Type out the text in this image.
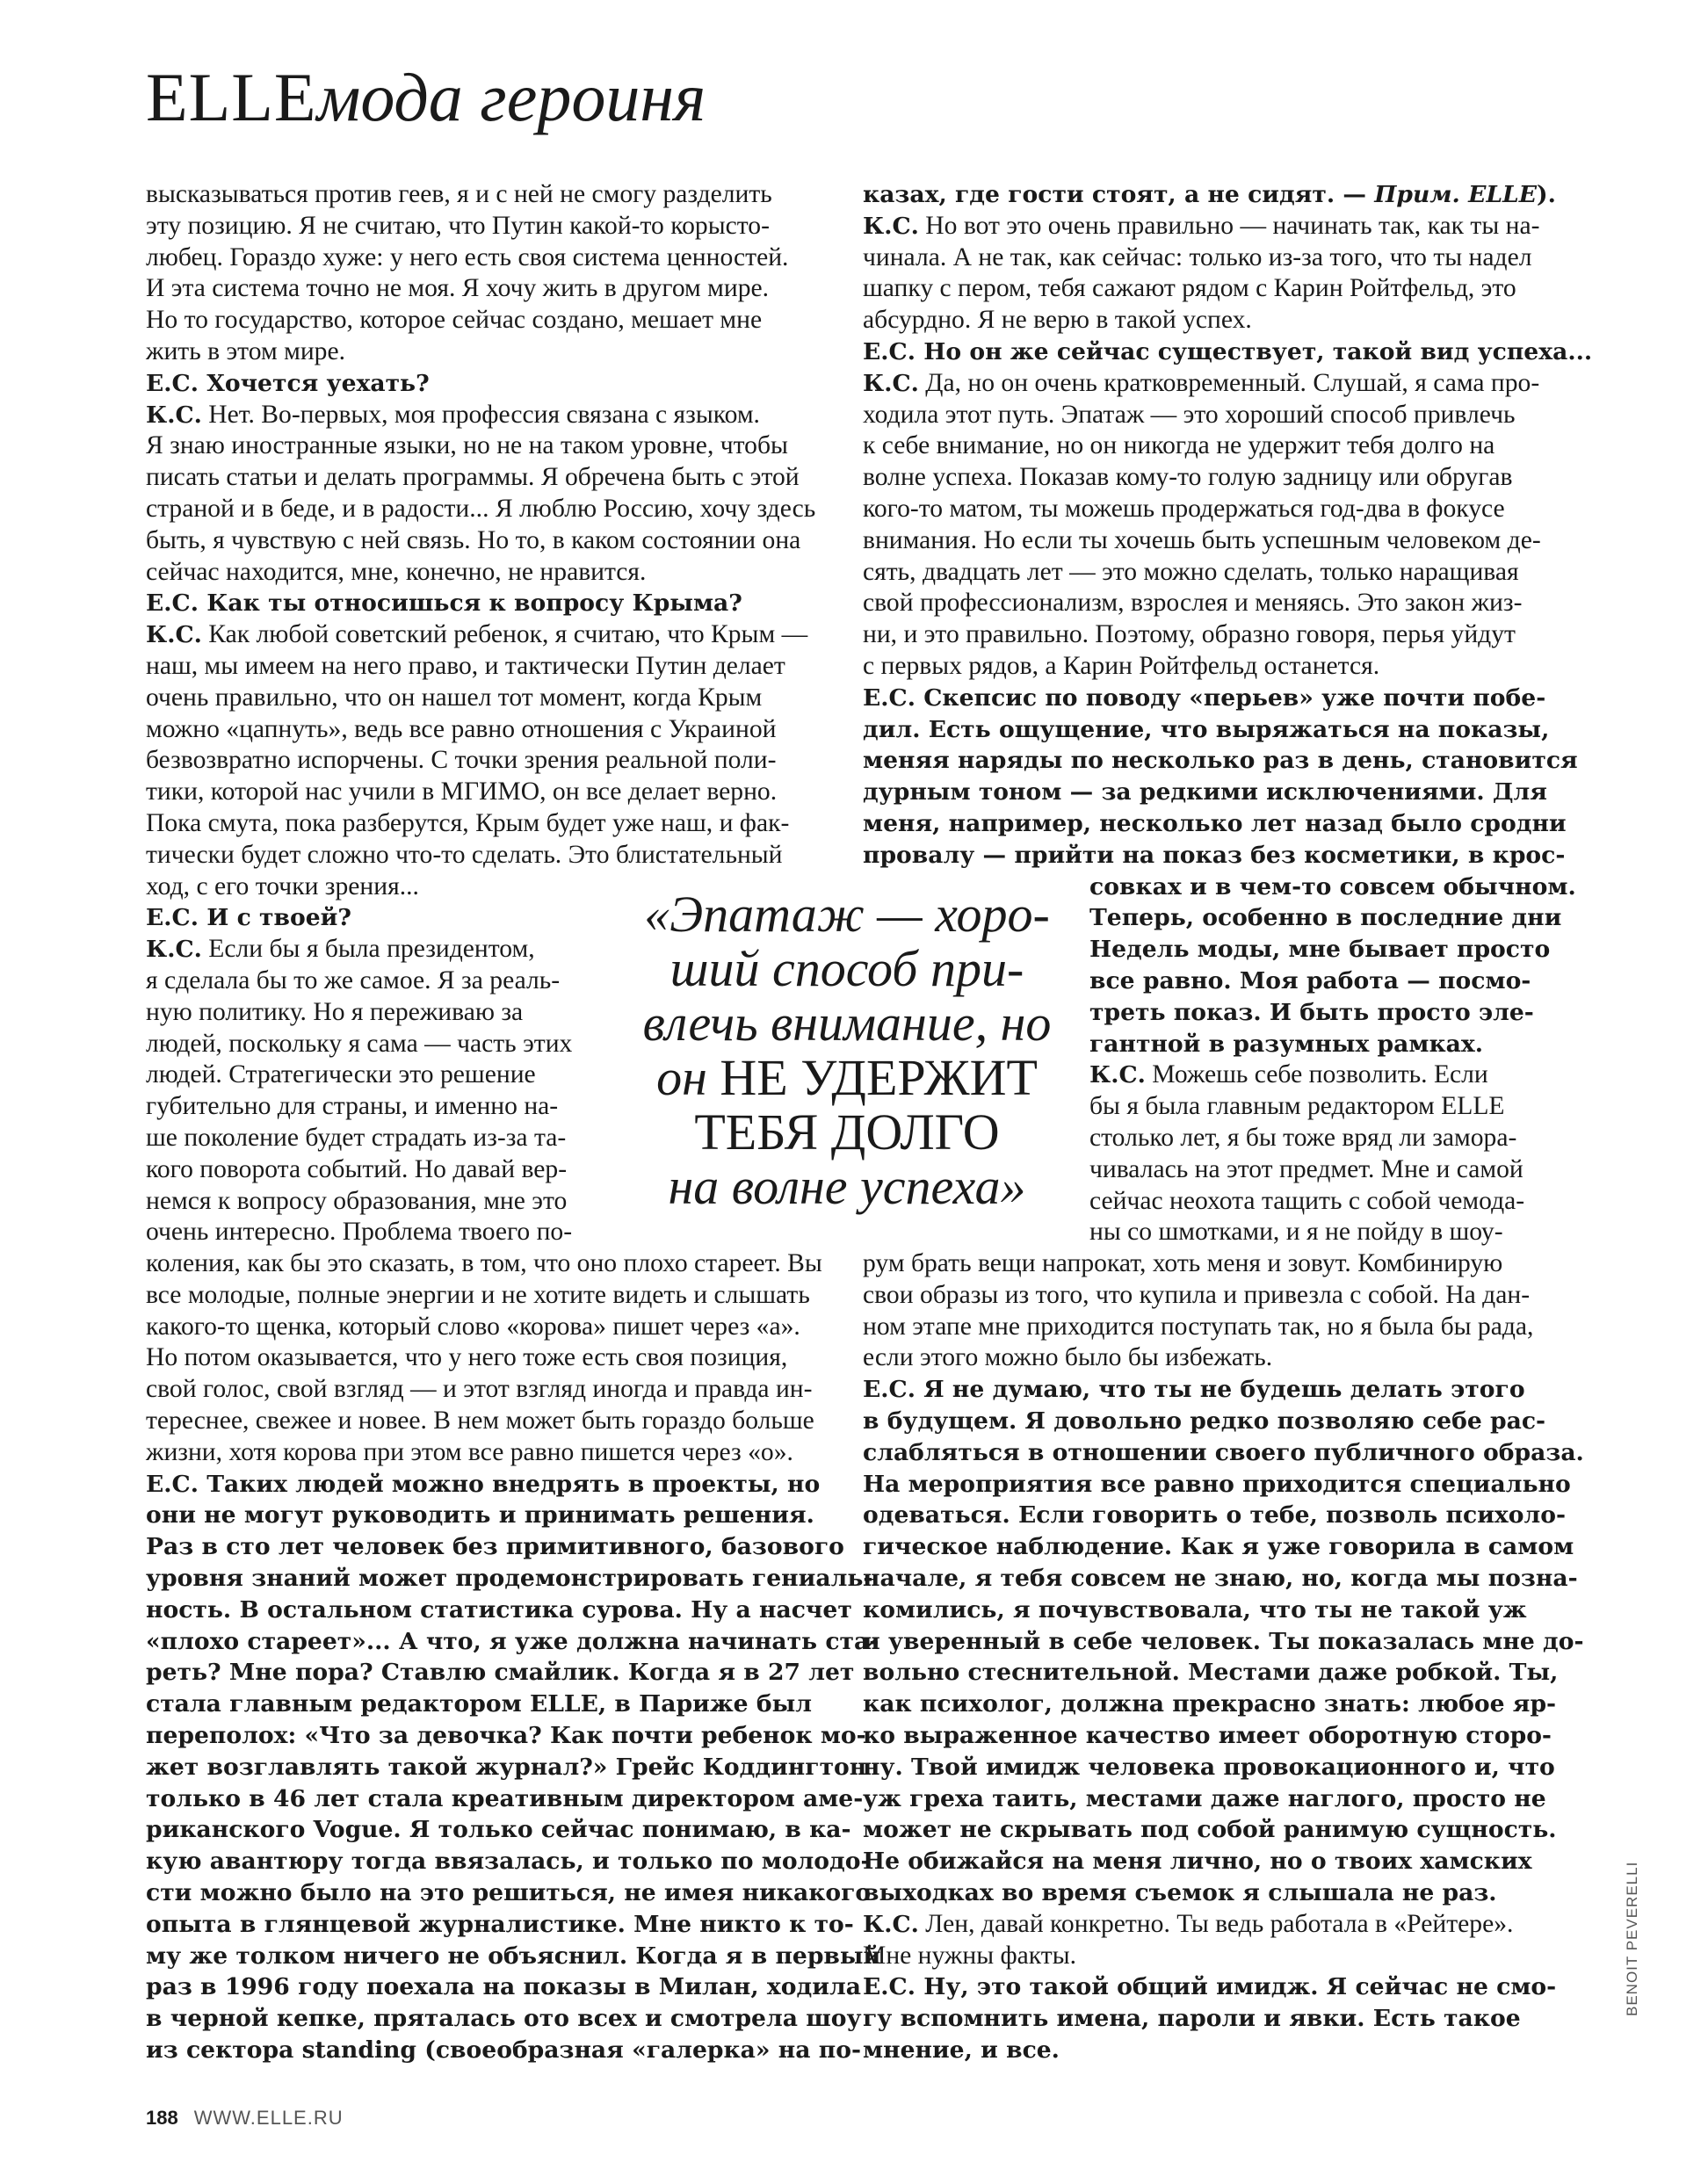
ELLEмода героиня
высказываться против геев, я и с ней не смогу разделить
эту позицию. Я не считаю, что Путин какой-то корысто-
любец. Гораздо хуже: у него есть своя система ценностей.
И эта система точно не моя. Я хочу жить в другом мире.
Но то государство, которое сейчас создано, мешает мне
жить в этом мире.
Е.С. Хочется уехать?
К.С. Нет. Во-первых, моя профессия связана с языком.
Я знаю иностранные языки, но не на таком уровне, чтобы
писать статьи и делать программы. Я обречена быть с этой
страной и в беде, и в радости... Я люблю Россию, хочу здесь
быть, я чувствую с ней связь. Но то, в каком состоянии она
сейчас находится, мне, конечно, не нравится.
Е.С. Как ты относишься к вопросу Крыма?
К.С. Как любой советский ребенок, я считаю, что Крым —
наш, мы имеем на него право, и тактически Путин делает
очень правильно, что он нашел тот момент, когда Крым
можно «цапнуть», ведь все равно отношения с Украиной
безвозвратно испорчены. С точки зрения реальной поли-
тики, которой нас учили в МГИМО, он все делает верно.
Пока смута, пока разберутся, Крым будет уже наш, и фак-
тически будет сложно что-то сделать. Это блистательный
ход, с его точки зрения...
Е.С. И с твоей?
К.С. Если бы я была президентом,
я сделала бы то же самое. Я за реаль-
ную политику. Но я переживаю за
людей, поскольку я сама — часть этих
людей. Стратегически это решение
губительно для страны, и именно на-
ше поколение будет страдать из-за та-
кого поворота событий. Но давай вер-
немся к вопросу образования, мне это
очень интересно. Проблема твоего по-
коления, как бы это сказать, в том, что оно плохо стареет. Вы
все молодые, полные энергии и не хотите видеть и слышать
какого-то щенка, который слово «корова» пишет через «а».
Но потом оказывается, что у него тоже есть своя позиция,
свой голос, свой взгляд — и этот взгляд иногда и правда ин-
тереснее, свежее и новее. В нем может быть гораздо больше
жизни, хотя корова при этом все равно пишется через «о».
Е.С. Таких людей можно внедрять в проекты, но
они не могут руководить и принимать решения.
Раз в сто лет человек без примитивного, базового
уровня знаний может продемонстрировать гениаль-
ность. В остальном статистика сурова. Ну а насчет
«плохо стареет»... А что, я уже должна начинать ста-
реть? Мне пора? Ставлю смайлик. Когда я в 27 лет
стала главным редактором ELLE, в Париже был
переполох: «Что за девочка? Как почти ребенок мо-
жет возглавлять такой журнал?» Грейс Коддингтон
только в 46 лет стала креативным директором аме-
риканского Vogue. Я только сейчас понимаю, в ка-
кую авантюру тогда ввязалась, и только по молодо-
сти можно было на это решиться, не имея никакого
опыта в глянцевой журналистике. Мне никто к то-
му же толком ничего не объяснил. Когда я в первый
раз в 1996 году поехала на показы в Милан, ходила
в черной кепке, пряталась ото всех и смотрела шоу
из сектора standing (своеобразная «галерка» на по-
казах, где гости стоят, а не сидят. — Прим. ELLE).
К.С. Но вот это очень правильно — начинать так, как ты на-
чинала. А не так, как сейчас: только из-за того, что ты надел
шапку с пером, тебя сажают рядом с Карин Ройтфельд, это
абсурдно. Я не верю в такой успех.
Е.С. Но он же сейчас существует, такой вид успеха...
К.С. Да, но он очень кратковременный. Слушай, я сама про-
ходила этот путь. Эпатаж — это хороший способ привлечь
к себе внимание, но он никогда не удержит тебя долго на
волне успеха. Показав кому-то голую задницу или обругав
кого-то матом, ты можешь продержаться год-два в фокусе
внимания. Но если ты хочешь быть успешным человеком де-
сять, двадцать лет — это можно сделать, только наращивая
свой профессионализм, взрослея и меняясь. Это закон жиз-
ни, и это правильно. Поэтому, образно говоря, перья уйдут
с первых рядов, а Карин Ройтфельд останется.
Е.С. Скепсис по поводу «перьев» уже почти побе-
дил. Есть ощущение, что выряжаться на показы,
меняя наряды по несколько раз в день, становится
дурным тоном — за редкими исключениями. Для
меня, например, несколько лет назад было сродни
провалу — прийти на показ без косметики, в крос-
совках и в чем-то совсем обычном.
Теперь, особенно в последние дни
Недель моды, мне бывает просто
все равно. Моя работа — посмо-
треть показ. И быть просто эле-
гантной в разумных рамках.
К.С. Можешь себе позволить. Если
бы я была главным редактором ELLE
столько лет, я бы тоже вряд ли замора-
чивалась на этот предмет. Мне и самой
сейчас неохота тащить с собой чемода-
ны со шмотками, и я не пойду в шоу-
рум брать вещи напрокат, хоть меня и зовут. Комбинирую
свои образы из того, что купила и привезла с собой. На дан-
ном этапе мне приходится поступать так, но я была бы рада,
если этого можно было бы избежать.
Е.С. Я не думаю, что ты не будешь делать этого
в будущем. Я довольно редко позволяю себе рас-
слабляться в отношении своего публичного образа.
На мероприятия все равно приходится специально
одеваться. Если говорить о тебе, позволь психоло-
гическое наблюдение. Как я уже говорила в самом
начале, я тебя совсем не знаю, но, когда мы позна-
комились, я почувствовала, что ты не такой уж
и уверенный в себе человек. Ты показалась мне до-
вольно стеснительной. Местами даже робкой. Ты,
как психолог, должна прекрасно знать: любое яр-
ко выраженное качество имеет оборотную сторо-
ну. Твой имидж человека провокационного и, что
уж греха таить, местами даже наглого, просто не
может не скрывать под собой ранимую сущность.
Не обижайся на меня лично, но о твоих хамских
выходках во время съемок я слышала не раз.
К.С. Лен, давай конкретно. Ты ведь работала в «Рейтере».
Мне нужны факты.
Е.С. Ну, это такой общий имидж. Я сейчас не смо-
гу вспомнить имена, пароли и явки. Есть такое
мнение, и все.
«Эпатаж — хоро-
ший способ при-
влечь внимание, но
он НЕ УДЕРЖИТ
ТЕБЯ ДОЛГО
на волне успеха»
BENOIT PEVERELLI
188 WWW.ELLE.RU
